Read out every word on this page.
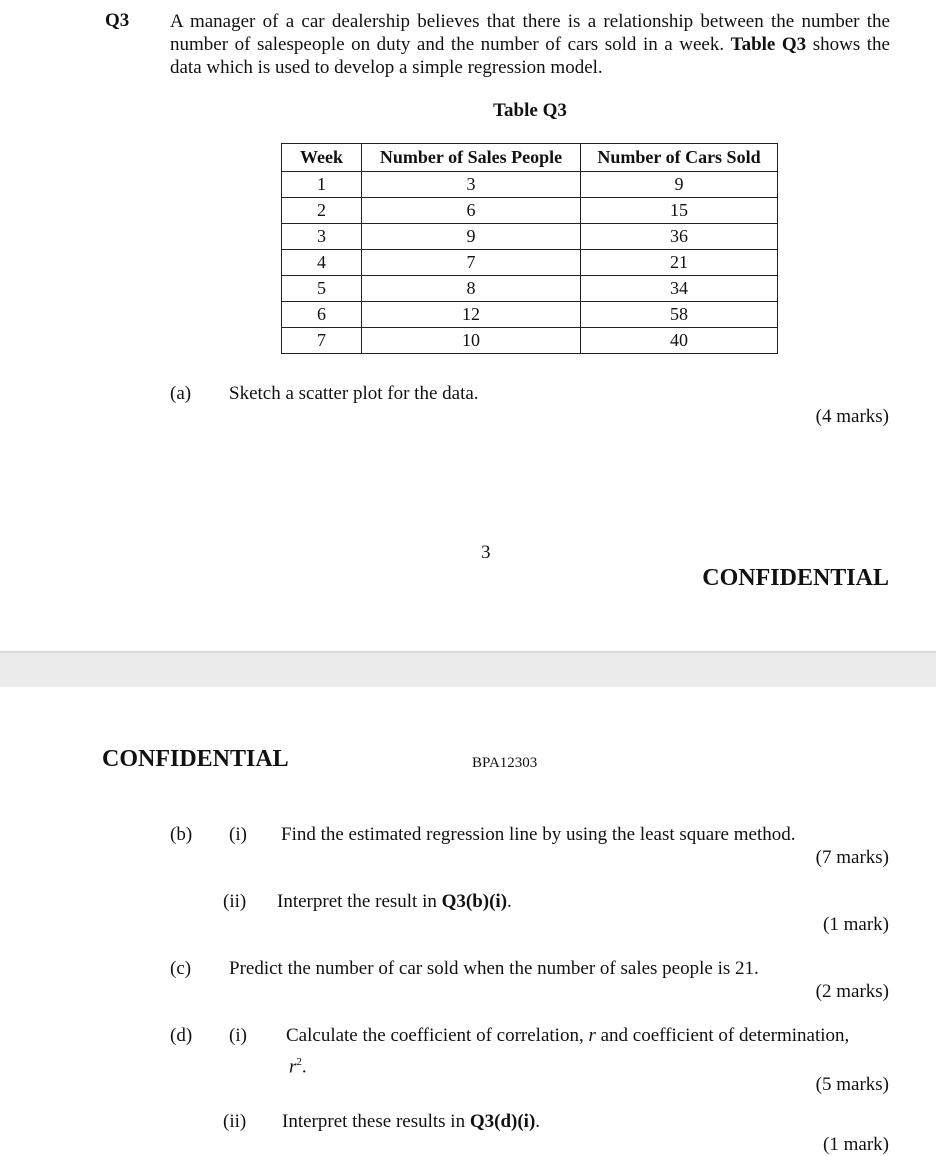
Q3 A manager of a car dealership believes that there is a relationship between the number the number of salespeople on duty and the number of cars sold in a week. Table Q3 shows the data which is used to develop a simple regression model.
Table Q3
Week	Number of Sales People	Number of Cars Sold
1	3	9
2	6	15
3	9	36
4	7	21
5	8	34
6	12	58
7	10	40
(a) Sketch a scatter plot for the data.
(4 marks)
3
CONFIDENTIAL
CONFIDENTIAL	BPA12303
(b) (i) Find the estimated regression line by using the least square method.
(7 marks)
(ii) Interpret the result in Q3(b)(i).
(1 mark)
(c) Predict the number of car sold when the number of sales people is 21.
(2 marks)
(d) (i) Calculate the coefficient of correlation, r and coefficient of determination,
$r^2$.
(5 marks)
(ii) Interpret these results in Q3(d)(i).
(1 mark)
